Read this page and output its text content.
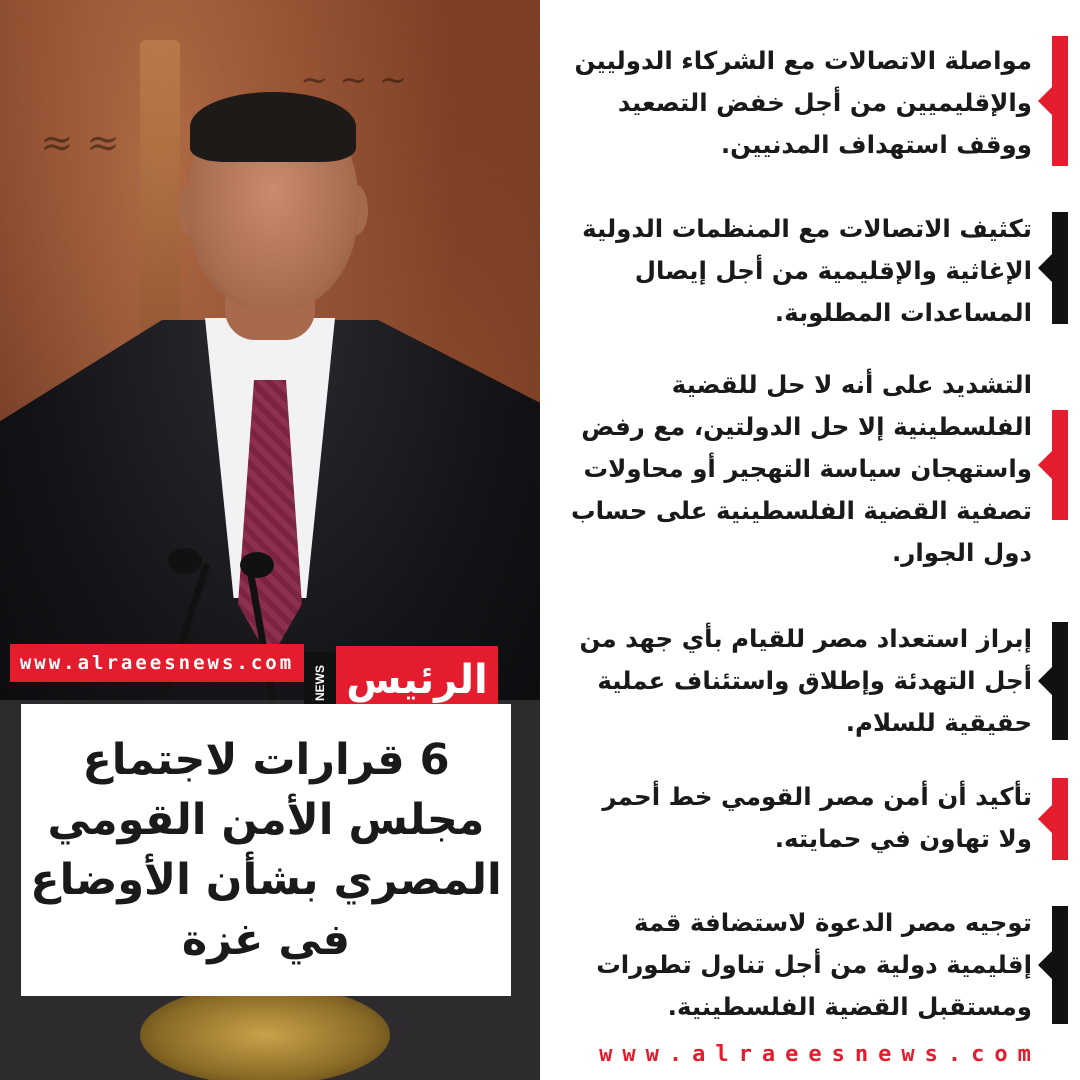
~ ~ ~
≈ ≈
www.alraeesnews.com
NEWS الرئيس
6 قرارات لاجتماع
مجلس الأمن القومي
المصري بشأن الأوضاع
في غزة
مواصلة الاتصالات مع الشركاء الدوليين والإقليميين من أجل خفض التصعيد ووقف استهداف المدنيين.
تكثيف الاتصالات مع المنظمات الدولية الإغاثية والإقليمية من أجل إيصال المساعدات المطلوبة.
التشديد على أنه لا حل للقضية الفلسطينية إلا حل الدولتين، مع رفض واستهجان سياسة التهجير أو محاولات تصفية القضية الفلسطينية على حساب دول الجوار.
إبراز استعداد مصر للقيام بأي جهد من أجل التهدئة وإطلاق واستئناف عملية حقيقية للسلام.
تأكيد أن أمن مصر القومي خط أحمر ولا تهاون في حمايته.
توجيه مصر الدعوة لاستضافة قمة إقليمية دولية من أجل تناول تطورات ومستقبل القضية الفلسطينية.
www.alraeesnews.com
